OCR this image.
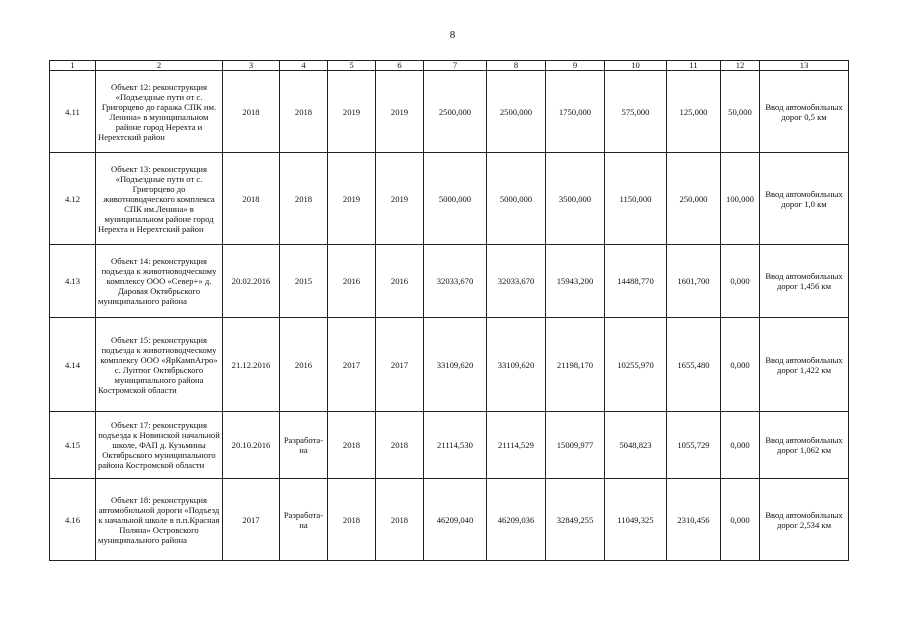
8
1	2	3	4	5	6	7	8	9	10	11	12	13
4.11	Объект 12: реконструкция «Подъездные пути от с. Григорцево до гаража СПК им. Ленина» в муниципальном районе город Нерехта и Нерехтский район	2018	2018	2019	2019	2500,000	2500,000	1750,000	575,000	125,000	50,000	Ввод автомобильных дорог 0,5 км
4.12	Объект 13: реконструкция «Подъездные пути от с. Григорцево до животноводческого комплекса СПК им.Ленина» в муниципальном районе город Нерехта и Нерехтский район	2018	2018	2019	2019	5000,000	5000,000	3500,000	1150,000	250,000	100,000	Ввод автомобильных дорог 1,0 км
4.13	Объект 14: реконструкция подъезда к животноводческому комплексу ООО «Север+» д. Даровая Октябрьского муниципального района	20.02.2016	2015	2016	2016	32033,670	32033,670	15943,200	14488,770	1601,700	0,000	Ввод автомобильных дорог 1,456 км
4.14	Объект 15: реконструкция подъезда к животноводческому комплексу ООО «ЯрКампАгро» с. Луптюг Октябрьского муниципального района Костромской области	21.12.2016	2016	2017	2017	33109,620	33109,620	21198,170	10255,970	1655,480	0,000	Ввод автомобильных дорог 1,422 км
4.15	Объект 17: реконструкция подъезда к Новинской начальной школе, ФАП д. Кузьмины Октябрьского муниципального района Костромской области	20.10.2016	Разработа-на	2018	2018	21114,530	21114,529	15009,977	5048,823	1055,729	0,000	Ввод автомобильных дорог 1,062 км
4.16	Объект 18: реконструкция автомобильной дороги «Подъезд к начальной школе в п.п.Красная Поляна» Островского муниципального района	2017	Разработа-на	2018	2018	46209,040	46209,036	32849,255	11049,325	2310,456	0,000	Ввод автомобильных дорог 2,534 км
